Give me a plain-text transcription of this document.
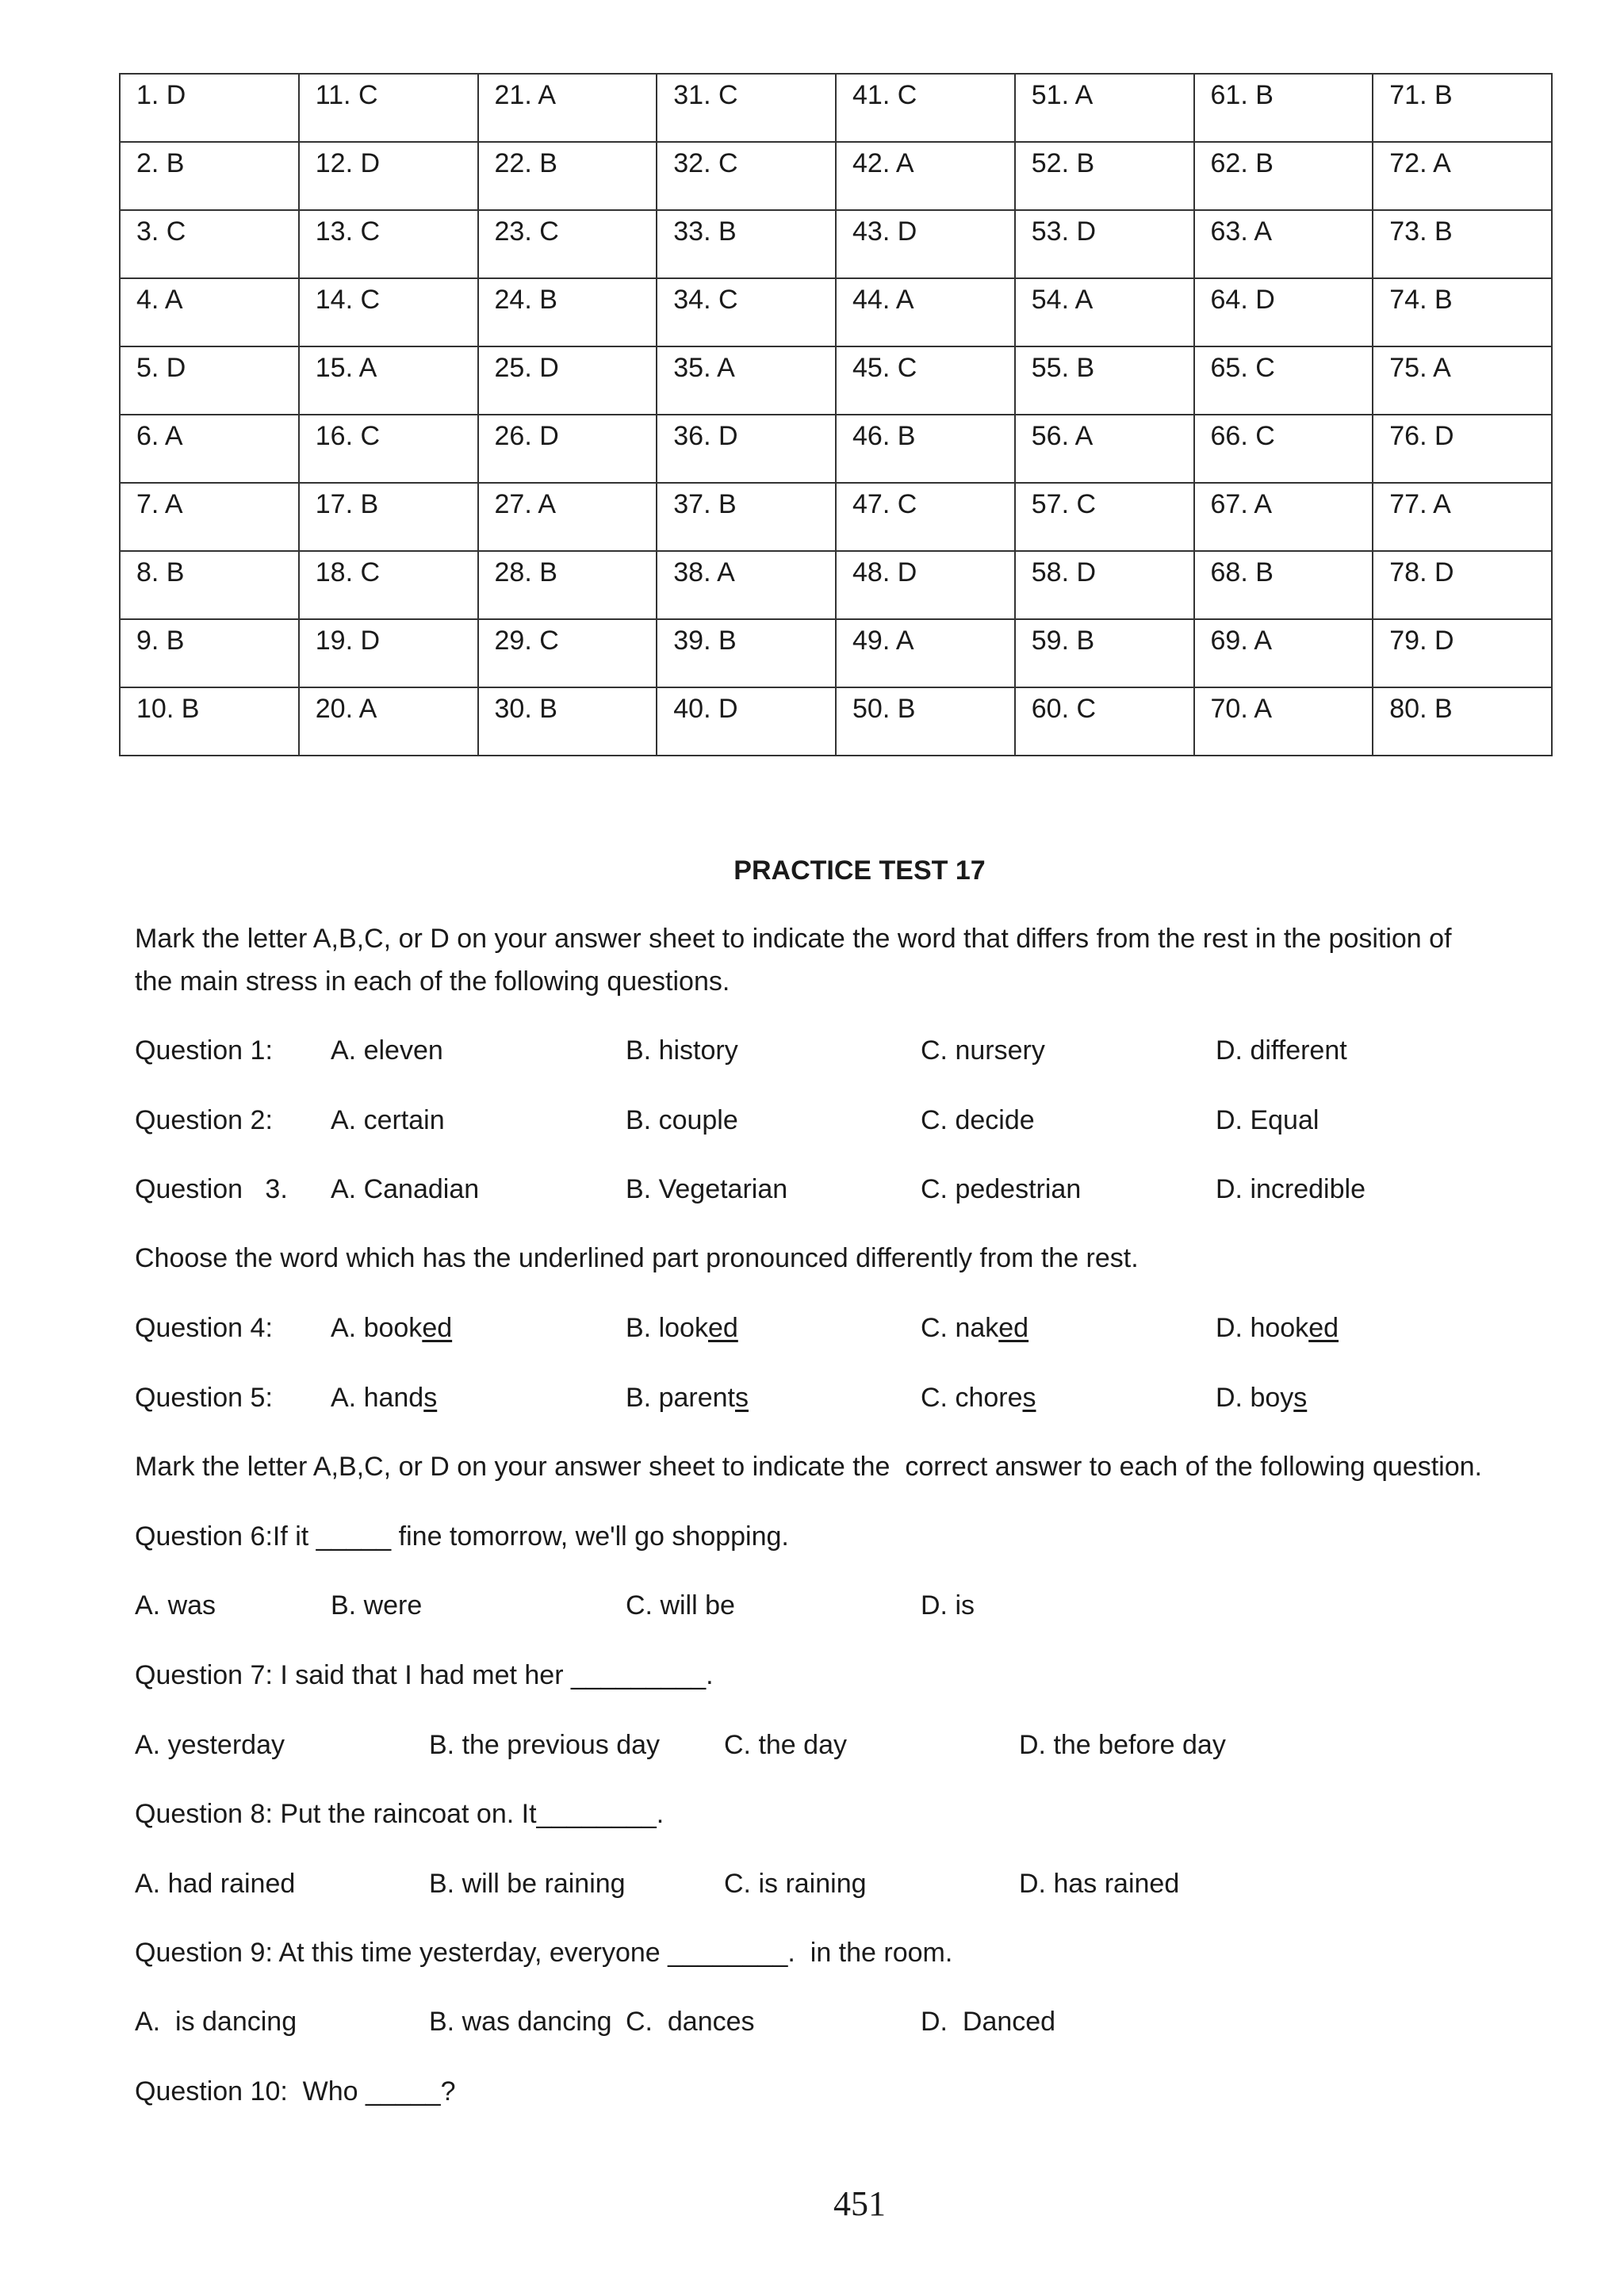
1. D	11. C	21. A	31. C	41. C	51. A	61. B	71. B
2. B	12. D	22. B	32. C	42. A	52. B	62. B	72. A
3. C	13. C	23. C	33. B	43. D	53. D	63. A	73. B
4. A	14. C	24. B	34. C	44. A	54. A	64. D	74. B
5. D	15. A	25. D	35. A	45. C	55. B	65. C	75. A
6. A	16. C	26. D	36. D	46. B	56. A	66. C	76. D
7. A	17. B	27. A	37. B	47. C	57. C	67. A	77. A
8. B	18. C	28. B	38. A	48. D	58. D	68. B	78. D
9. B	19. D	29. C	39. B	49. A	59. B	69. A	79. D
10. B	20. A	30. B	40. D	50. B	60. C	70. A	80. B
PRACTICE TEST 17
Mark the letter A,B,C, or D on your answer sheet to indicate the word that differs from the rest in the position of
the main stress in each of the following questions.
Question 1: A. eleven	B. history	C. nursery	D. different
Question 2: A. certain	B. couple	C. decide	D. Equal
Question   3. A. Canadian	B. Vegetarian	C. pedestrian	D. incredible
Choose the word which has the underlined part pronounced differently from the rest.
Question 4: A. booked	B. looked	C. naked	D. hooked
Question 5: A. hands	B. parents	C. chores	D. boys
Mark the letter A,B,C, or D on your answer sheet to indicate the  correct answer to each of the following question.
Question 6:If it _____ fine tomorrow, we'll go shopping.
A. was	B. were	C. will be	D. is
Question 7: I said that I had met her _________.
A. yesterday	B. the previous day C. the day	D. the before day
Question 8: Put the raincoat on. It________.
A. had rained	B. will be raining	C. is raining	D. has rained
Question 9: At this time yesterday, everyone ________.  in the room.
A.  is dancing	B. was dancing C.  dances	D.  Danced
Question 10:  Who _____?
451
